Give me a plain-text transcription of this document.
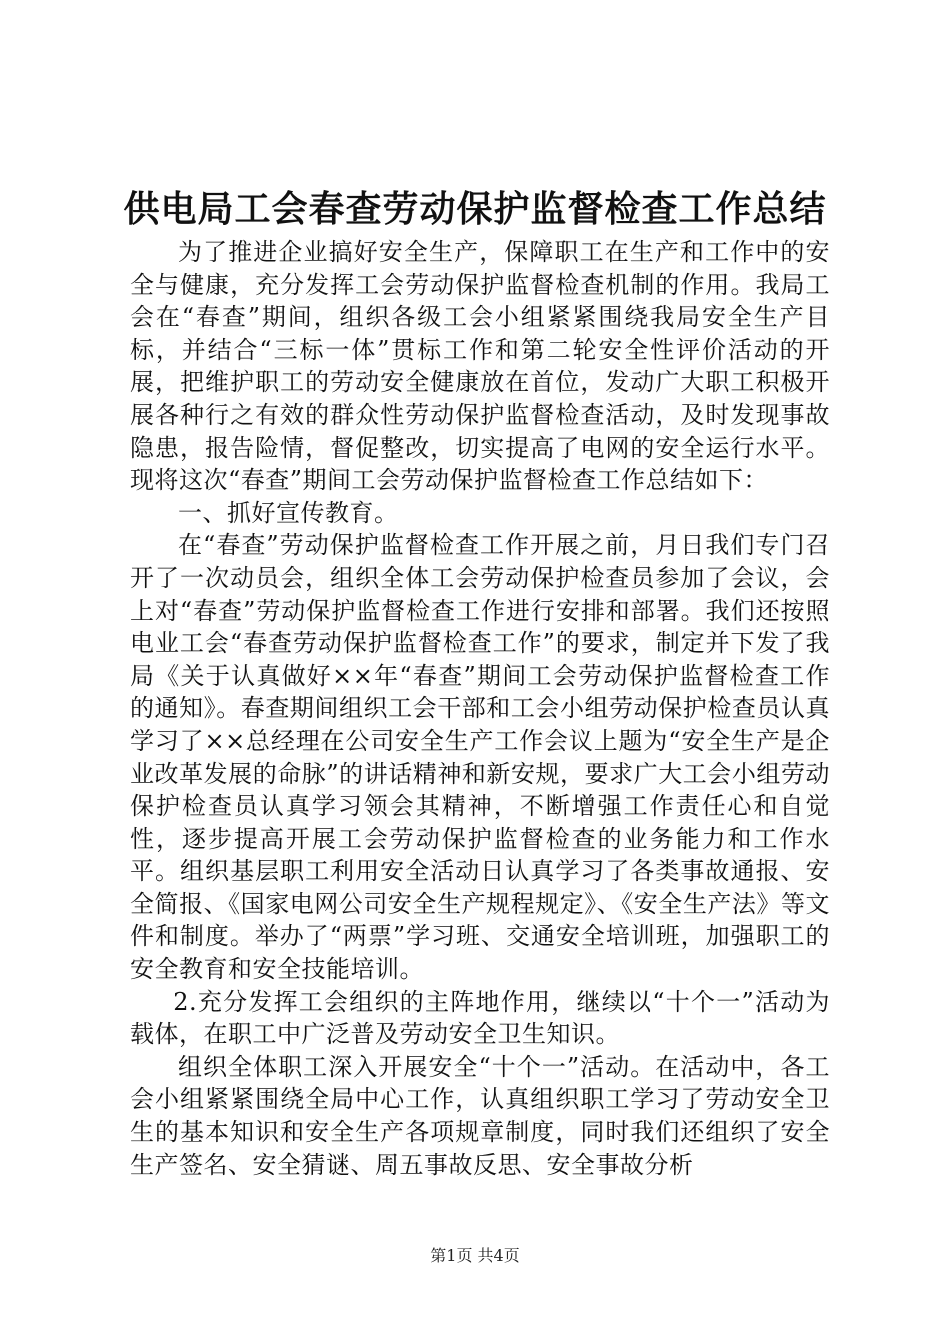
供电局工会春查劳动保护监督检查工作总结

为了推进企业搞好安全生产，保障职工在生产和工作中的安全与健康，充分发挥工会劳动保护监督检查机制的作用。我局工会在“春查”期间，组织各级工会小组紧紧围绕我局安全生产目标，并结合“三标一体”贯标工作和第二轮安全性评价活动的开展，把维护职工的劳动安全健康放在首位，发动广大职工积极开展各种行之有效的群众性劳动保护监督检查活动，及时发现事故隐患，报告险情，督促整改，切实提高了电网的安全运行水平。现将这次“春查”期间工会劳动保护监督检查工作总结如下：

一、抓好宣传教育。

在“春查”劳动保护监督检查工作开展之前，月日我们专门召开了一次动员会，组织全体工会劳动保护检查员参加了会议，会上对“春查”劳动保护监督检查工作进行安排和部署。我们还按照电业工会“春查劳动保护监督检查工作”的要求，制定并下发了我局《关于认真做好××年“春查”期间工会劳动保护监督检查工作的通知》。春查期间组织工会干部和工会小组劳动保护检查员认真学习了××总经理在公司安全生产工作会议上题为“安全生产是企业改革发展的命脉”的讲话精神和新安规，要求广大工会小组劳动保护检查员认真学习领会其精神，不断增强工作责任心和自觉性，逐步提高开展工会劳动保护监督检查的业务能力和工作水平。组织基层职工利用安全活动日认真学习了各类事故通报、安全简报、《国家电网公司安全生产规程规定》、《安全生产法》等文件和制度。举办了“两票”学习班、交通安全培训班，加强职工的安全教育和安全技能培训。

2.充分发挥工会组织的主阵地作用，继续以“十个一”活动为载体，在职工中广泛普及劳动安全卫生知识。

组织全体职工深入开展安全“十个一”活动。在活动中，各工会小组紧紧围绕全局中心工作，认真组织职工学习了劳动安全卫生的基本知识和安全生产各项规章制度，同时我们还组织了安全生产签名、安全猜谜、周五事故反思、安全事故分析

第1页 共4页
